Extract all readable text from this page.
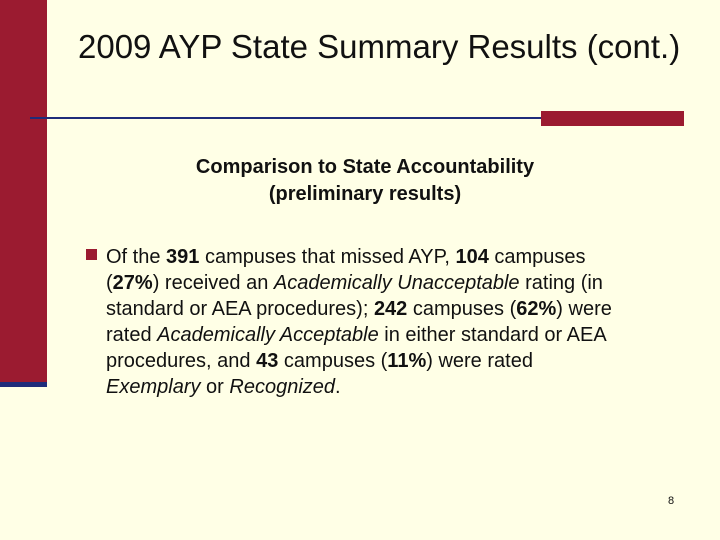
2009 AYP State Summary Results (cont.)
Comparison to State Accountability
(preliminary results)

Of the 391 campuses that missed AYP, 104 campuses (27%) received an Academically Unacceptable rating (in standard or AEA procedures); 242 campuses (62%) were rated Academically Acceptable in either standard or AEA procedures, and 43 campuses (11%) were rated Exemplary or Recognized.

8
